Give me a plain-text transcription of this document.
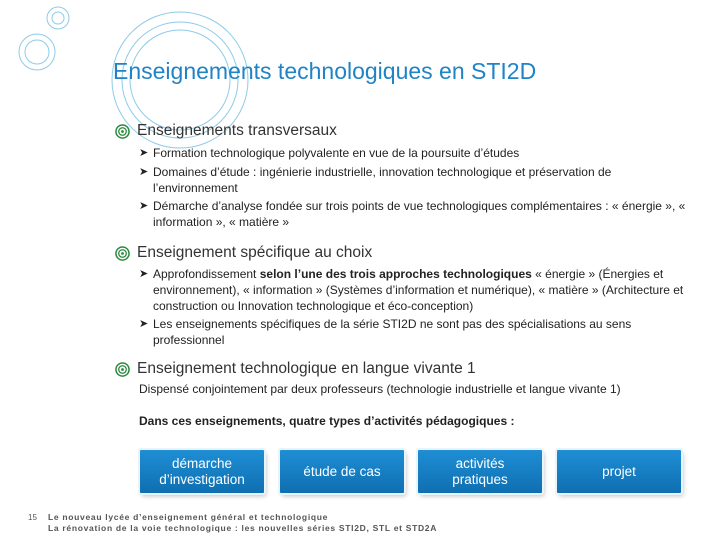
Enseignements technologiques en STI2D
Enseignements transversaux
➤ Formation technologique polyvalente en vue de la poursuite d’études
➤ Domaines d’étude : ingénierie industrielle, innovation technologique et préservation de l’environnement
➤ Démarche d’analyse fondée sur trois points de vue technologiques complémentaires : « énergie », « information », « matière »
Enseignement spécifique au choix
➤ Approfondissement selon l’une des trois approches technologiques « énergie » (Énergies et environnement), « information » (Systèmes d’information et numérique), « matière » (Architecture et construction ou Innovation technologique et éco-conception)
➤ Les enseignements spécifiques de la série STI2D ne sont pas des spécialisations au sens professionnel
Enseignement technologique en langue vivante 1
Dispensé conjointement par deux professeurs (technologie industrielle et langue vivante 1)
Dans ces enseignements, quatre types d’activités pédagogiques :
démarche d’investigation
étude de cas
activités pratiques
projet
15 Le nouveau lycée d’enseignement général et technologique
La rénovation de la voie technologique : les nouvelles séries STI2D, STL et STD2A
